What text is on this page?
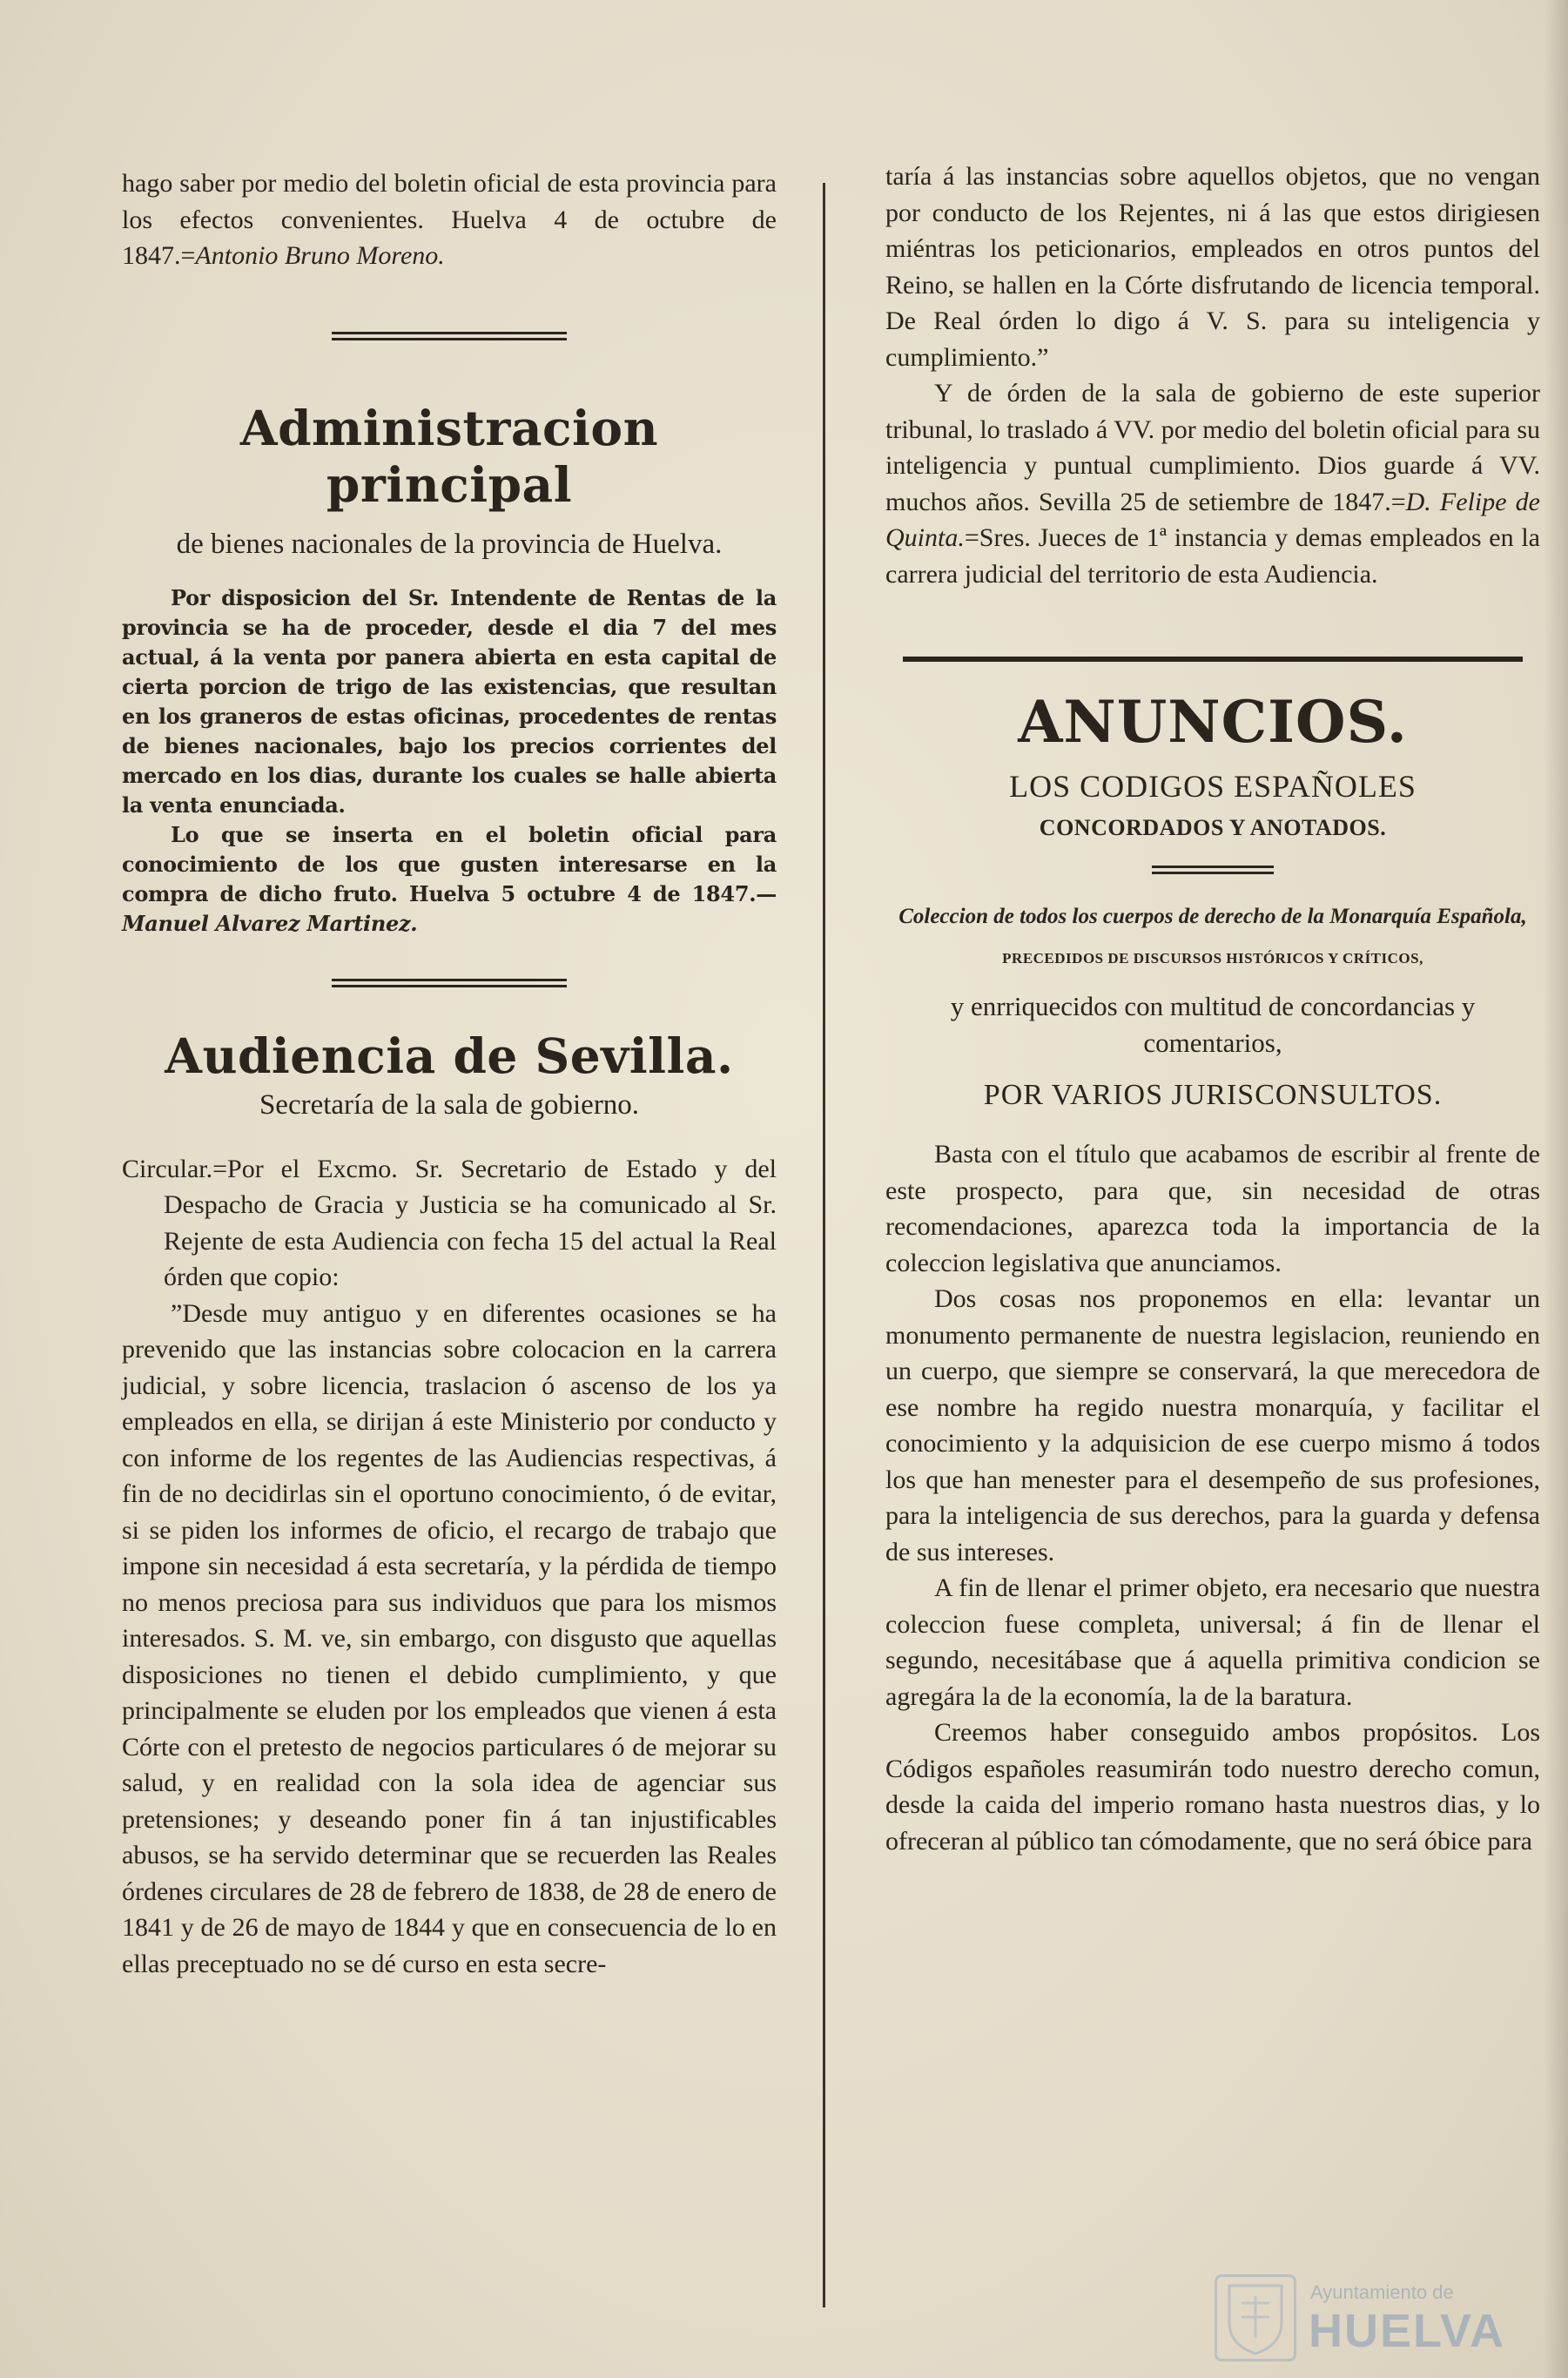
hago saber por medio del boletin oficial de esta provincia para los efectos convenientes. Huelva 4 de octubre de 1847.=Antonio Bruno Moreno.

Administracion principal

de bienes nacionales de la provincia de Huelva.

Por disposicion del Sr. Intendente de Rentas de la provincia se ha de proceder, desde el dia 7 del mes actual, á la venta por panera abierta en esta capital de cierta porcion de trigo de las existencias, que resultan en los graneros de estas oficinas, procedentes de rentas de bienes nacionales, bajo los precios corrientes del mercado en los dias, durante los cuales se halle abierta la venta enunciada.

Lo que se inserta en el boletin oficial para conocimiento de los que gusten interesarse en la compra de dicho fruto. Huelva 5 octubre 4 de 1847.—Manuel Alvarez Martinez.

Audiencia de Sevilla.

Secretaría de la sala de gobierno.

Circular.=Por el Excmo. Sr. Secretario de Estado y del Despacho de Gracia y Justicia se ha comunicado al Sr. Rejente de esta Audiencia con fecha 15 del actual la Real órden que copio:

”Desde muy antiguo y en diferentes ocasiones se ha prevenido que las instancias sobre colocacion en la carrera judicial, y sobre licencia, traslacion ó ascenso de los ya empleados en ella, se dirijan á este Ministerio por conducto y con informe de los regentes de las Audiencias respectivas, á fin de no decidirlas sin el oportuno conocimiento, ó de evitar, si se piden los informes de oficio, el recargo de trabajo que impone sin necesidad á esta secretaría, y la pérdida de tiempo no menos preciosa para sus individuos que para los mismos interesados. S. M. ve, sin embargo, con disgusto que aquellas disposiciones no tienen el debido cumplimiento, y que principalmente se eluden por los empleados que vienen á esta Córte con el pretesto de negocios particulares ó de mejorar su salud, y en realidad con la sola idea de agenciar sus pretensiones; y deseando poner fin á tan injustificables abusos, se ha servido determinar que se recuerden las Reales órdenes circulares de 28 de febrero de 1838, de 28 de enero de 1841 y de 26 de mayo de 1844 y que en consecuencia de lo en ellas preceptuado no se dé curso en esta secre-

taría á las instancias sobre aquellos objetos, que no vengan por conducto de los Rejentes, ni á las que estos dirigiesen miéntras los peticionarios, empleados en otros puntos del Reino, se hallen en la Córte disfrutando de licencia temporal. De Real órden lo digo á V. S. para su inteligencia y cumplimiento.”

Y de órden de la sala de gobierno de este superior tribunal, lo traslado á VV. por medio del boletin oficial para su inteligencia y puntual cumplimiento. Dios guarde á VV. muchos años. Sevilla 25 de setiembre de 1847.=D. Felipe de Quinta.=Sres. Jueces de 1ª instancia y demas empleados en la carrera judicial del territorio de esta Audiencia.

ANUNCIOS.

LOS CODIGOS ESPAÑOLES

CONCORDADOS Y ANOTADOS.

Coleccion de todos los cuerpos de derecho de la Monarquía Española,

PRECEDIDOS DE DISCURSOS HISTÓRICOS Y CRÍTICOS,

y enrriquecidos con multitud de concordancias y comentarios,

POR VARIOS JURISCONSULTOS.

Basta con el título que acabamos de escribir al frente de este prospecto, para que, sin necesidad de otras recomendaciones, aparezca toda la importancia de la coleccion legislativa que anunciamos.

Dos cosas nos proponemos en ella: levantar un monumento permanente de nuestra legislacion, reuniendo en un cuerpo, que siempre se conservará, la que merecedora de ese nombre ha regido nuestra monarquía, y facilitar el conocimiento y la adquisicion de ese cuerpo mismo á todos los que han menester para el desempeño de sus profesiones, para la inteligencia de sus derechos, para la guarda y defensa de sus intereses.

A fin de llenar el primer objeto, era necesario que nuestra coleccion fuese completa, universal; á fin de llenar el segundo, necesitábase que á aquella primitiva condicion se agregára la de la economía, la de la baratura.

Creemos haber conseguido ambos propósitos. Los Códigos españoles reasumirán todo nuestro derecho comun, desde la caida del imperio romano hasta nuestros dias, y lo ofreceran al público tan cómodamente, que no será óbice para

Ayuntamiento de
HUELVA
